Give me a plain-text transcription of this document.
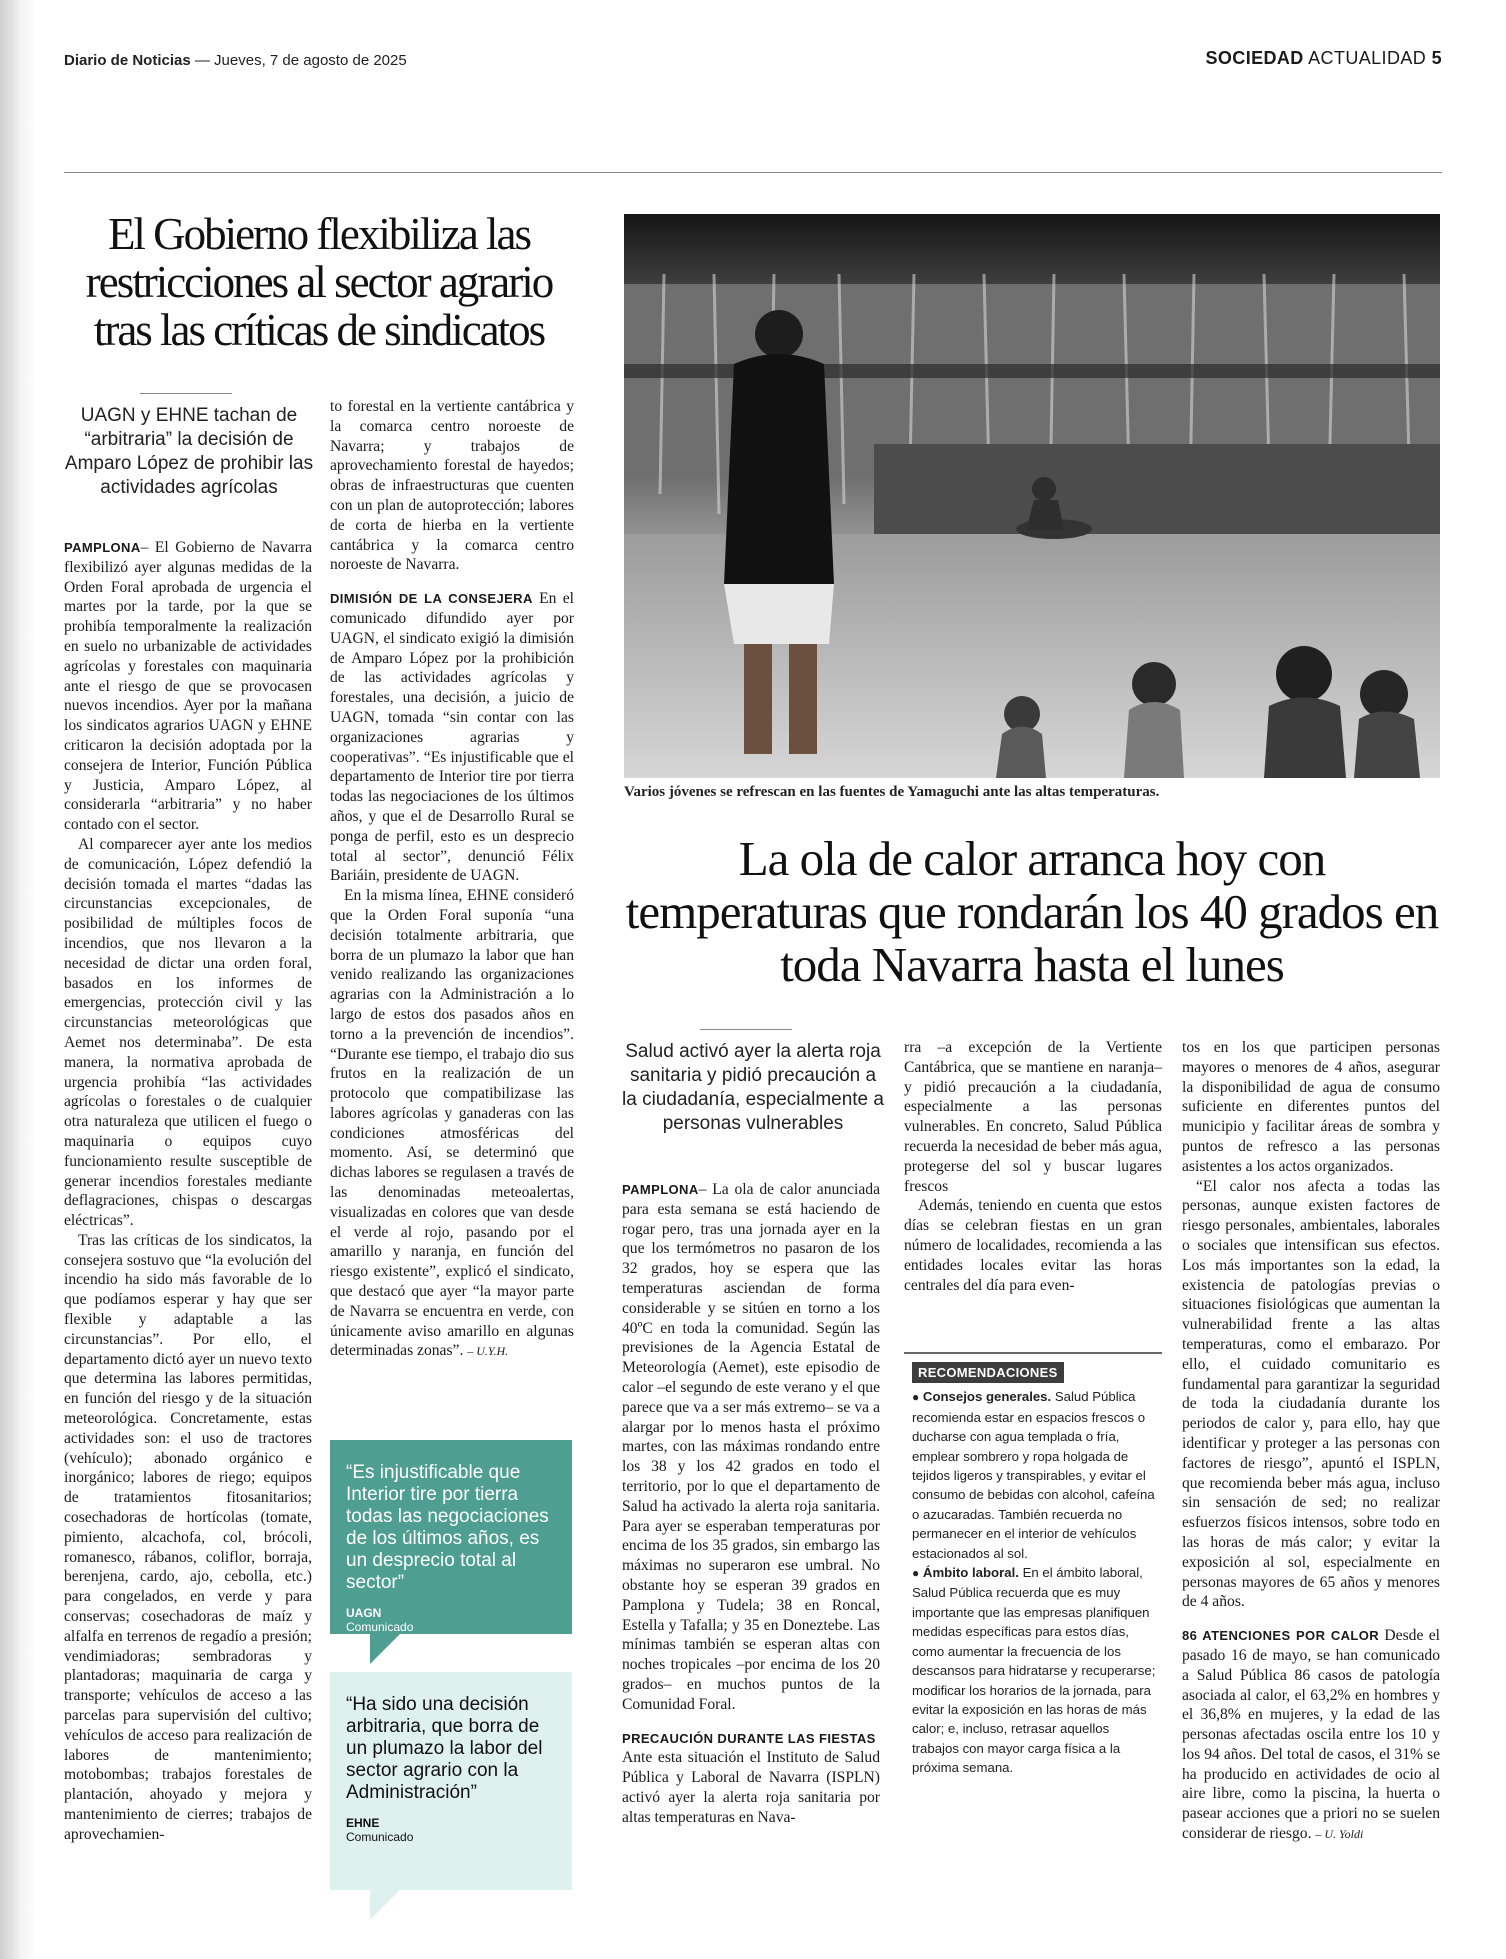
Diario de Noticias — Jueves, 7 de agosto de 2025	SOCIEDAD ACTUALIDAD 5
El Gobierno flexibiliza las restricciones al sector agrario tras las críticas de sindicatos

UAGN y EHNE tachan de “arbitraria” la decisión de Amparo López de prohibir las actividades agrícolas

PAMPLONA– El Gobierno de Navarra flexibilizó ayer algunas medidas de la Orden Foral aprobada de urgencia el martes por la tarde, por la que se prohibía temporalmente la realización en suelo no urbanizable de actividades agrícolas y forestales con maquinaria ante el riesgo de que se provocasen nuevos incendios. Ayer por la mañana los sindicatos agrarios UAGN y EHNE criticaron la decisión adoptada por la consejera de Interior, Función Pública y Justicia, Amparo López, al considerarla “arbitraria” y no haber contado con el sector.

Al comparecer ayer ante los medios de comunicación, López defendió la decisión tomada el martes “dadas las circunstancias excepcionales, de posibilidad de múltiples focos de incendios, que nos llevaron a la necesidad de dictar una orden foral, basados en los informes de emergencias, protección civil y las circunstancias meteorológicas que Aemet nos determinaba”. De esta manera, la normativa aprobada de urgencia prohibía “las actividades agrícolas o forestales o de cualquier otra naturaleza que utilicen el fuego o maquinaria o equipos cuyo funcionamiento resulte susceptible de generar incendios forestales mediante deflagraciones, chispas o descargas eléctricas”.

Tras las críticas de los sindicatos, la consejera sostuvo que “la evolución del incendio ha sido más favorable de lo que podíamos esperar y hay que ser flexible y adaptable a las circunstancias”. Por ello, el departamento dictó ayer un nuevo texto que determina las labores permitidas, en función del riesgo y de la situación meteorológica. Concretamente, estas actividades son: el uso de tractores (vehículo); abonado orgánico e inorgánico; labores de riego; equipos de tratamientos fitosanitarios; cosechadoras de hortícolas (tomate, pimiento, alcachofa, col, brócoli, romanesco, rábanos, coliflor, borraja, berenjena, cardo, ajo, cebolla, etc.) para congelados, en verde y para conservas; cosechadoras de maíz y alfalfa en terrenos de regadío a presión; vendimiadoras; sembradoras y plantadoras; maquinaria de carga y transporte; vehículos de acceso a las parcelas para supervisión del cultivo; vehículos de acceso para realización de labores de mantenimiento; motobombas; trabajos forestales de plantación, ahoyado y mejora y mantenimiento de cierres; trabajos de aprovechamien-

to forestal en la vertiente cantábrica y la comarca centro noroeste de Navarra; y trabajos de aprovechamiento forestal de hayedos; obras de infraestructuras que cuenten con un plan de autoprotección; labores de corta de hierba en la vertiente cantábrica y la comarca centro noroeste de Navarra.

DIMISIÓN DE LA CONSEJERA En el comunicado difundido ayer por UAGN, el sindicato exigió la dimisión de Amparo López por la prohibición de las actividades agrícolas y forestales, una decisión, a juicio de UAGN, tomada “sin contar con las organizaciones agrarias y cooperativas”. “Es injustificable que el departamento de Interior tire por tierra todas las negociaciones de los últimos años, y que el de Desarrollo Rural se ponga de perfil, esto es un desprecio total al sector”, denunció Félix Bariáin, presidente de UAGN.

En la misma línea, EHNE consideró que la Orden Foral suponía “una decisión totalmente arbitraria, que borra de un plumazo la labor que han venido realizando las organizaciones agrarias con la Administración a lo largo de estos dos pasados años en torno a la prevención de incendios”. “Durante ese tiempo, el trabajo dio sus frutos en la realización de un protocolo que compatibilizase las labores agrícolas y ganaderas con las condiciones atmosféricas del momento. Así, se determinó que dichas labores se regulasen a través de las denominadas meteoalertas, visualizadas en colores que van desde el verde al rojo, pasando por el amarillo y naranja, en función del riesgo existente”, explicó el sindicato, que destacó que ayer “la mayor parte de Navarra se encuentra en verde, con únicamente aviso amarillo en algunas determinadas zonas”. – U.Y.H.

“Es injustificable que Interior tire por tierra todas las negociaciones de los últimos años, es un desprecio total al sector”

UAGN

Comunicado

“Ha sido una decisión arbitraria, que borra de un plumazo la labor del sector agrario con la Administración”

EHNE

Comunicado

Varios jóvenes se refrescan en las fuentes de Yamaguchi ante las altas temperaturas.
La ola de calor arranca hoy con temperaturas que rondarán los 40 grados en toda Navarra hasta el lunes

Salud activó ayer la alerta roja sanitaria y pidió precaución a la ciudadanía, especialmente a personas vulnerables

PAMPLONA– La ola de calor anunciada para esta semana se está haciendo de rogar pero, tras una jornada ayer en la que los termómetros no pasaron de los 32 grados, hoy se espera que las temperaturas asciendan de forma considerable y se sitúen en torno a los 40ºC en toda la comunidad. Según las previsiones de la Agencia Estatal de Meteorología (Aemet), este episodio de calor –el segundo de este verano y el que parece que va a ser más extremo– se va a alargar por lo menos hasta el próximo martes, con las máximas rondando entre los 38 y los 42 grados en todo el territorio, por lo que el departamento de Salud ha activado la alerta roja sanitaria. Para ayer se esperaban temperaturas por encima de los 35 grados, sin embargo las máximas no superaron ese umbral. No obstante hoy se esperan 39 grados en Pamplona y Tudela; 38 en Roncal, Estella y Tafalla; y 35 en Doneztebe. Las mínimas también se esperan altas con noches tropicales –por encima de los 20 grados– en muchos puntos de la Comunidad Foral.

PRECAUCIÓN DURANTE LAS FIESTAS

Ante esta situación el Instituto de Salud Pública y Laboral de Navarra (ISPLN) activó ayer la alerta roja sanitaria por altas temperaturas en Nava-

rra –a excepción de la Vertiente Cantábrica, que se mantiene en naranja– y pidió precaución a la ciudadanía, especialmente a las personas vulnerables. En concreto, Salud Pública recuerda la necesidad de beber más agua, protegerse del sol y buscar lugares frescos

Además, teniendo en cuenta que estos días se celebran fiestas en un gran número de localidades, recomienda a las entidades locales evitar las horas centrales del día para even-

RECOMENDACIONES

● Consejos generales. Salud Pública recomienda estar en espacios frescos o ducharse con agua templada o fría, emplear sombrero y ropa holgada de tejidos ligeros y transpirables, y evitar el consumo de bebidas con alcohol, cafeína o azucaradas. También recuerda no permanecer en el interior de vehículos estacionados al sol.

● Ámbito laboral. En el ámbito laboral, Salud Pública recuerda que es muy importante que las empresas planifiquen medidas específicas para estos días, como aumentar la frecuencia de los descansos para hidratarse y recuperarse; modificar los horarios de la jornada, para evitar la exposición en las horas de más calor; e, incluso, retrasar aquellos trabajos con mayor carga física a la próxima semana.

tos en los que participen personas mayores o menores de 4 años, asegurar la disponibilidad de agua de consumo suficiente en diferentes puntos del municipio y facilitar áreas de sombra y puntos de refresco a las personas asistentes a los actos organizados.

“El calor nos afecta a todas las personas, aunque existen factores de riesgo personales, ambientales, laborales o sociales que intensifican sus efectos. Los más importantes son la edad, la existencia de patologías previas o situaciones fisiológicas que aumentan la vulnerabilidad frente a las altas temperaturas, como el embarazo. Por ello, el cuidado comunitario es fundamental para garantizar la seguridad de toda la ciudadanía durante los periodos de calor y, para ello, hay que identificar y proteger a las personas con factores de riesgo”, apuntó el ISPLN, que recomienda beber más agua, incluso sin sensación de sed; no realizar esfuerzos físicos intensos, sobre todo en las horas de más calor; y evitar la exposición al sol, especialmente en personas mayores de 65 años y menores de 4 años.

86 ATENCIONES POR CALOR Desde el pasado 16 de mayo, se han comunicado a Salud Pública 86 casos de patología asociada al calor, el 63,2% en hombres y el 36,8% en mujeres, y la edad de las personas afectadas oscila entre los 10 y los 94 años. Del total de casos, el 31% se ha producido en actividades de ocio al aire libre, como la piscina, la huerta o pasear acciones que a priori no se suelen considerar de riesgo. – U. Yoldi
